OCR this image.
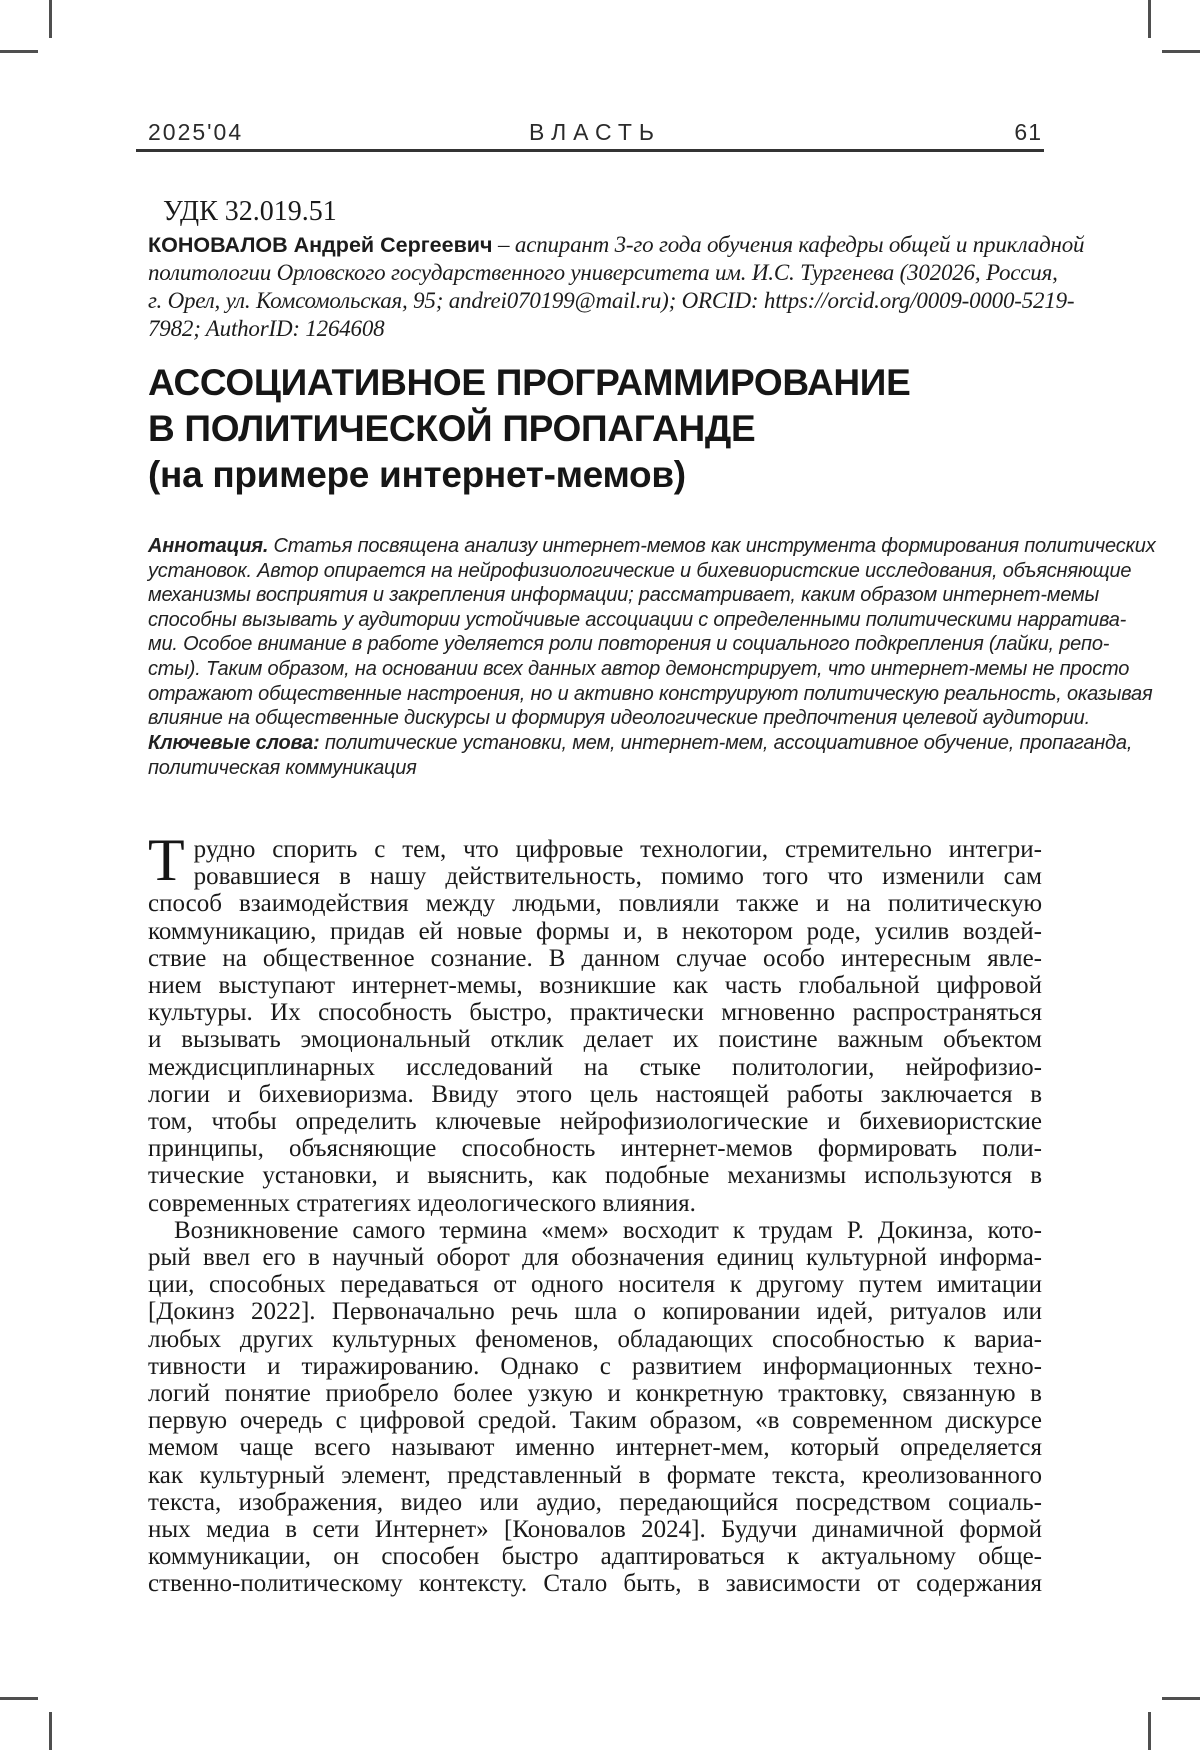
2025'04	ВЛАСТЬ	61
УДК 32.019.51
КОНОВАЛОВ Андрей Сергеевич – аспирант 3-го года обучения кафедры общей и прикладной
политологии Орловского государственного университета им. И.С. Тургенева (302026, Россия,
г. Орел, ул. Комсомольская, 95; andrei070199@mail.ru); ORCID: https://orcid.org/0009-0000-5219-
7982; AuthorID: 1264608
АССОЦИАТИВНОЕ ПРОГРАММИРОВАНИЕ
В ПОЛИТИЧЕСКОЙ ПРОПАГАНДЕ
(на примере интернет-мемов)
Аннотация. Статья посвящена анализу интернет-мемов как инструмента формирования политических
установок. Автор опирается на нейрофизиологические и бихевиористские исследования, объясняющие
механизмы восприятия и закрепления информации; рассматривает, каким образом интернет-мемы
способны вызывать у аудитории устойчивые ассоциации с определенными политическими нарратива-
ми. Особое внимание в работе уделяется роли повторения и социального подкрепления (лайки, репо-
сты). Таким образом, на основании всех данных автор демонстрирует, что интернет-мемы не просто
отражают общественные настроения, но и активно конструируют политическую реальность, оказывая
влияние на общественные дискурсы и формируя идеологические предпочтения целевой аудитории.
Ключевые слова: политические установки, мем, интернет-мем, ассоциативное обучение, пропаганда,
политическая коммуникация
Т рудно спорить с тем, что цифровые технологии, стремительно интегри-
ровавшиеся в нашу действительность, помимо того что изменили сам
способ взаимодействия между людьми, повлияли также и на политическую
коммуникацию, придав ей новые формы и, в некотором роде, усилив воздей-
ствие на общественное сознание. В данном случае особо интересным явле-
нием выступают интернет-мемы, возникшие как часть глобальной цифровой
культуры. Их способность быстро, практически мгновенно распространяться
и вызывать эмоциональный отклик делает их поистине важным объектом
междисциплинарных исследований на стыке политологии, нейрофизио-
логии и бихевиоризма. Ввиду этого цель настоящей работы заключается в
том, чтобы определить ключевые нейрофизиологические и бихевиористские
принципы, объясняющие способность интернет-мемов формировать поли-
тические установки, и выяснить, как подобные механизмы используются в
современных стратегиях идеологического влияния.
Возникновение самого термина «мем» восходит к трудам Р. Докинза, кото-
рый ввел его в научный оборот для обозначения единиц культурной информа-
ции, способных передаваться от одного носителя к другому путем имитации
[Докинз 2022]. Первоначально речь шла о копировании идей, ритуалов или
любых других культурных феноменов, обладающих способностью к вариа-
тивности и тиражированию. Однако с развитием информационных техно-
логий понятие приобрело более узкую и конкретную трактовку, связанную в
первую очередь с цифровой средой. Таким образом, «в современном дискурсе
мемом чаще всего называют именно интернет-мем, который определяется
как культурный элемент, представленный в формате текста, креолизованного
текста, изображения, видео или аудио, передающийся посредством социаль-
ных медиа в сети Интернет» [Коновалов 2024]. Будучи динамичной формой
коммуникации, он способен быстро адаптироваться к актуальному обще-
ственно-политическому контексту. Стало быть, в зависимости от содержания
